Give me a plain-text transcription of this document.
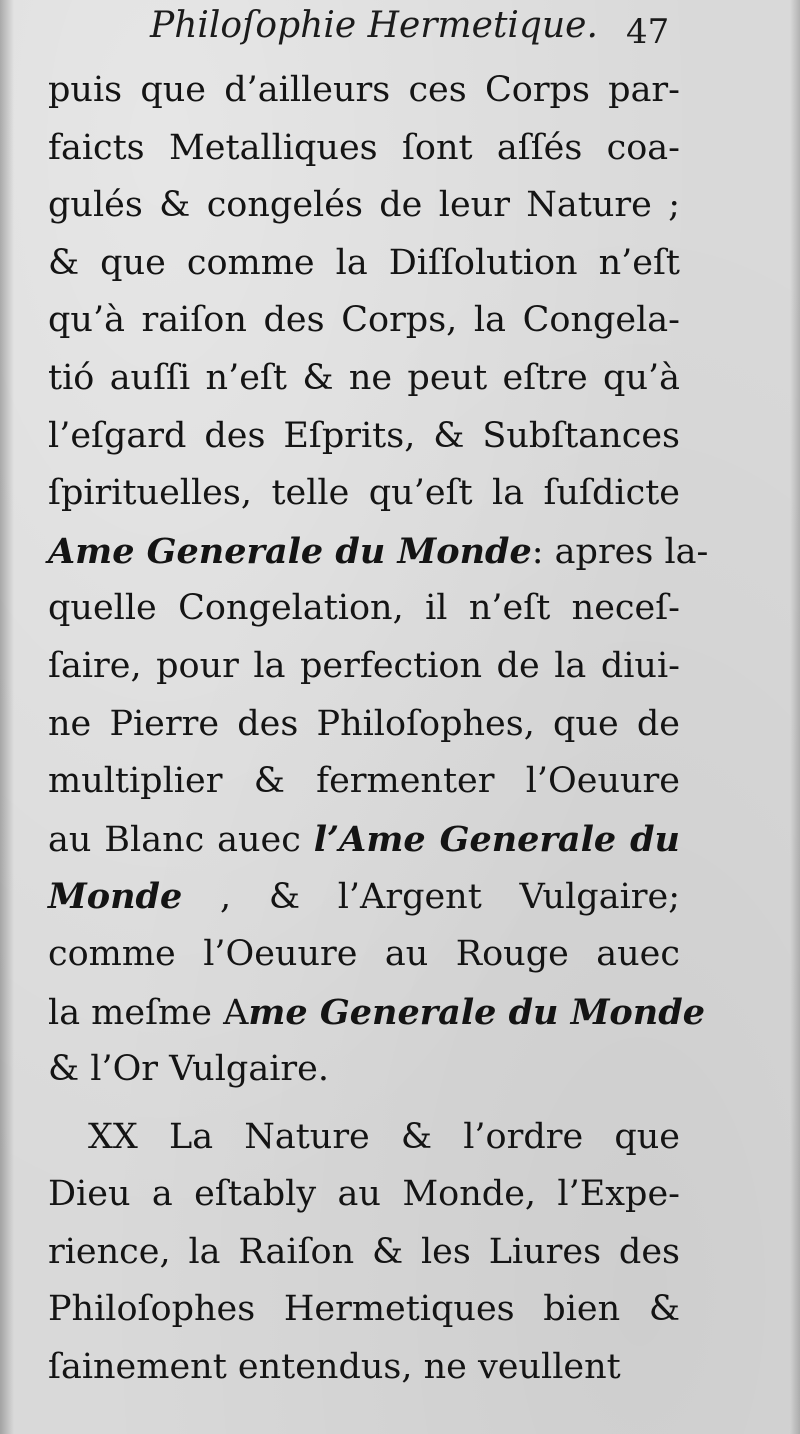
Philoſophie Hermetique. 47
puis que d’ailleurs ces Corps par-
faicts Metalliques ſont aſſés coa-
gulés & congelés de leur Nature ;
& que comme la Diſſolution n’eſt
qu’à raiſon des Corps, la Congela-
tió auſſi n’eſt & ne peut eſtre qu’à
l’eſgard des Eſprits, & Subſtances
ſpirituelles, telle qu’eſt la ſuſdicte
Ame Generale du Monde: apres la-
quelle Congelation, il n’eſt neceſ-
ſaire, pour la perfection de la diui-
ne Pierre des Philoſophes, que de
multiplier & fermenter l’Oeuure
au Blanc auec l’Ame Generale du
Monde , & l’Argent Vulgaire;
comme l’Oeuure au Rouge auec
la meſme Ame Generale du Monde
& l’Or Vulgaire.
XX La Nature & l’ordre que
Dieu a eſtably au Monde, l’Expe-
rience, la Raiſon & les Liures des
Philoſophes Hermetiques bien &
ſainement entendus, ne veullent
